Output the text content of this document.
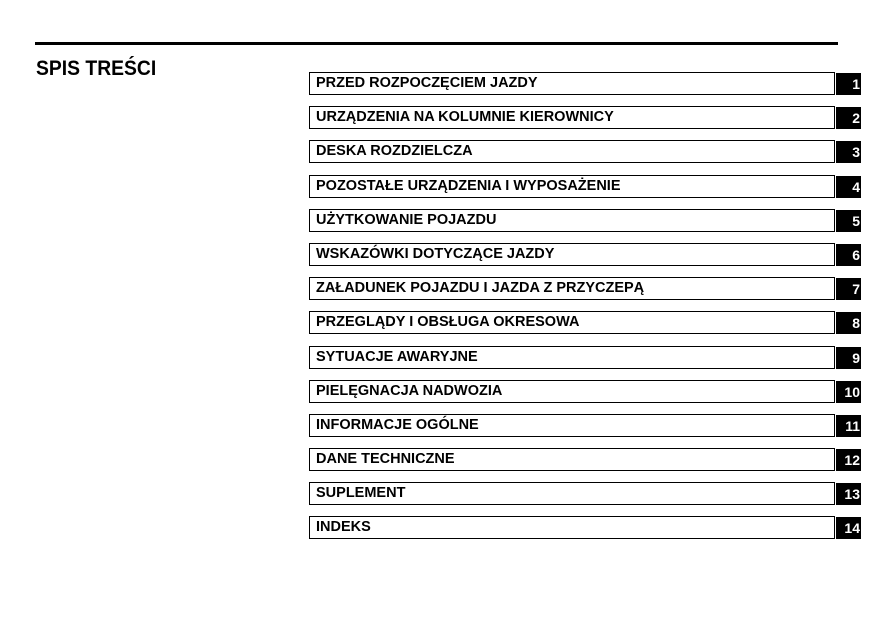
SPIS TREŚCI
PRZED ROZPOCZĘCIEM JAZDY	1
URZĄDZENIA NA KOLUMNIE KIEROWNICY	2
DESKA ROZDZIELCZA	3
POZOSTAŁE URZĄDZENIA I WYPOSAŻENIE	4
UŻYTKOWANIE POJAZDU	5
WSKAZÓWKI DOTYCZĄCE JAZDY	6
ZAŁADUNEK POJAZDU I JAZDA Z PRZYCZEPĄ	7
PRZEGLĄDY I OBSŁUGA OKRESOWA	8
SYTUACJE AWARYJNE	9
PIELĘGNACJA NADWOZIA	10
INFORMACJE OGÓLNE	11
DANE TECHNICZNE	12
SUPLEMENT	13
INDEKS	14
